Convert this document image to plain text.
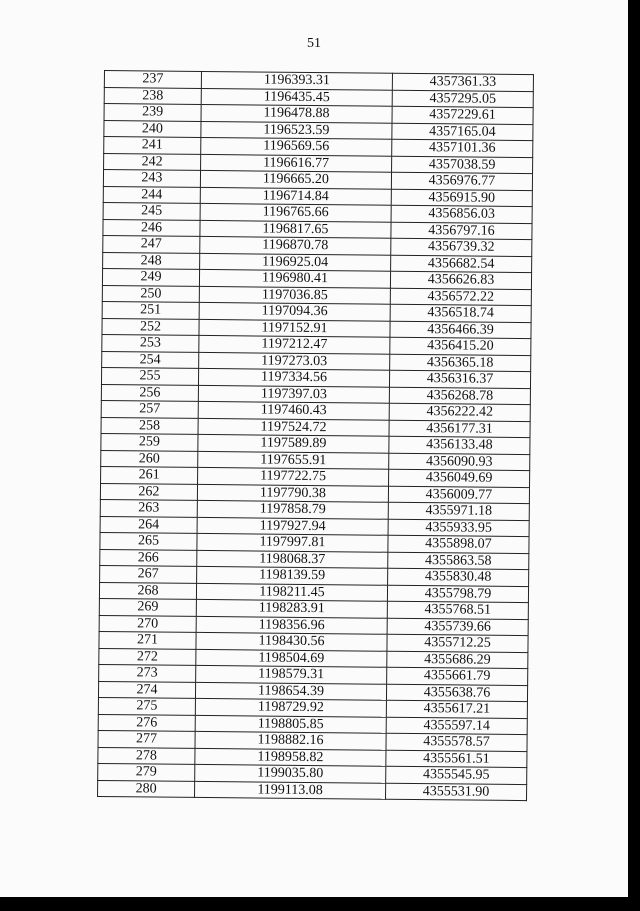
51
237	1196393.31	4357361.33
238	1196435.45	4357295.05
239	1196478.88	4357229.61
240	1196523.59	4357165.04
241	1196569.56	4357101.36
242	1196616.77	4357038.59
243	1196665.20	4356976.77
244	1196714.84	4356915.90
245	1196765.66	4356856.03
246	1196817.65	4356797.16
247	1196870.78	4356739.32
248	1196925.04	4356682.54
249	1196980.41	4356626.83
250	1197036.85	4356572.22
251	1197094.36	4356518.74
252	1197152.91	4356466.39
253	1197212.47	4356415.20
254	1197273.03	4356365.18
255	1197334.56	4356316.37
256	1197397.03	4356268.78
257	1197460.43	4356222.42
258	1197524.72	4356177.31
259	1197589.89	4356133.48
260	1197655.91	4356090.93
261	1197722.75	4356049.69
262	1197790.38	4356009.77
263	1197858.79	4355971.18
264	1197927.94	4355933.95
265	1197997.81	4355898.07
266	1198068.37	4355863.58
267	1198139.59	4355830.48
268	1198211.45	4355798.79
269	1198283.91	4355768.51
270	1198356.96	4355739.66
271	1198430.56	4355712.25
272	1198504.69	4355686.29
273	1198579.31	4355661.79
274	1198654.39	4355638.76
275	1198729.92	4355617.21
276	1198805.85	4355597.14
277	1198882.16	4355578.57
278	1198958.82	4355561.51
279	1199035.80	4355545.95
280	1199113.08	4355531.90
